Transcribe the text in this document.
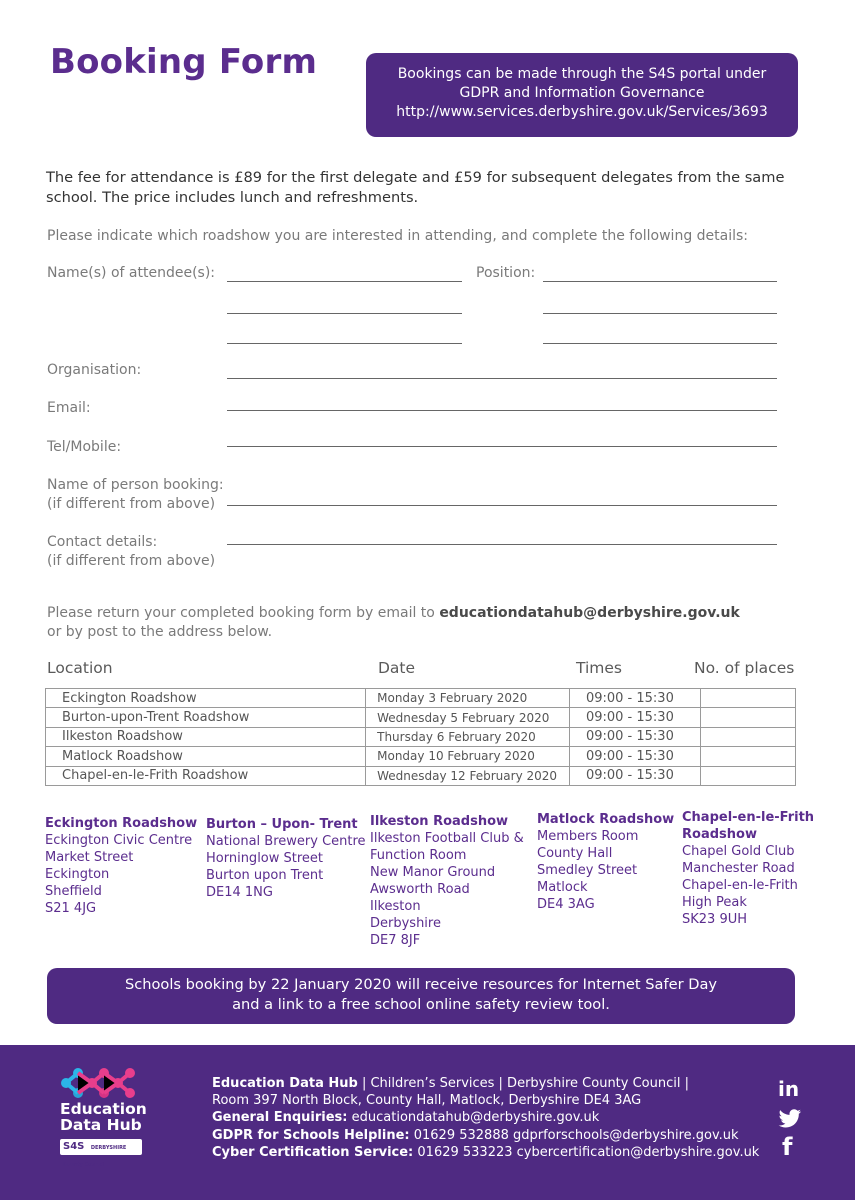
Booking Form	Bookings can be made through the S4S portal under
GDPR and Information Governance
http://www.services.derbyshire.gov.uk/Services/3693
The fee for attendance is £89 for the first delegate and £59 for subsequent delegates from the same school. The price includes lunch and refreshments.
Please indicate which roadshow you are interested in attending, and complete the following details:
Name(s) of attendee(s):	Position:
Organisation:
Email:
Tel/Mobile:
Name of person booking:
(if different from above)
Contact details:
(if different from above)
Please return your completed booking form by email to educationdatahub@derbyshire.gov.uk
or by post to the address below.
Location	Date	Times	No. of places
Eckington Roadshow	Monday 3 February 2020	09:00 - 15:30	
Burton-upon-Trent Roadshow	Wednesday 5 February 2020	09:00 - 15:30	
Ilkeston Roadshow	Thursday 6 February 2020	09:00 - 15:30	
Matlock Roadshow	Monday 10 February 2020	09:00 - 15:30	
Chapel-en-le-Frith Roadshow	Wednesday 12 February 2020	09:00 - 15:30	
Eckington Roadshow
Eckington Civic Centre
Market Street
Eckington
Sheffield
S21 4JG
Burton – Upon- Trent
National Brewery Centre
Horninglow Street
Burton upon Trent
DE14 1NG
Ilkeston Roadshow
Ilkeston Football Club &
Function Room
New Manor Ground
Awsworth Road
Ilkeston
Derbyshire
DE7 8JF
Matlock Roadshow
Members Room
County Hall
Smedley Street
Matlock
DE4 3AG
Chapel-en-le-Frith
Roadshow
Chapel Gold Club
Manchester Road
Chapel-en-le-Frith
High Peak
SK23 9UH
Schools booking by 22 January 2020 will receive resources for Internet Safer Day
and a link to a free school online safety review tool.
Education
Data Hub
S4S DERBYSHIRE County Council
Education Data Hub | Children’s Services | Derbyshire County Council |
Room 397 North Block, County Hall, Matlock, Derbyshire DE4 3AG
General Enquiries: educationdatahub@derbyshire.gov.uk
GDPR for Schools Helpline: 01629 532888 gdprforschools@derbyshire.gov.uk
Cyber Certification Service: 01629 533223 cybercertification@derbyshire.gov.uk
in
f
